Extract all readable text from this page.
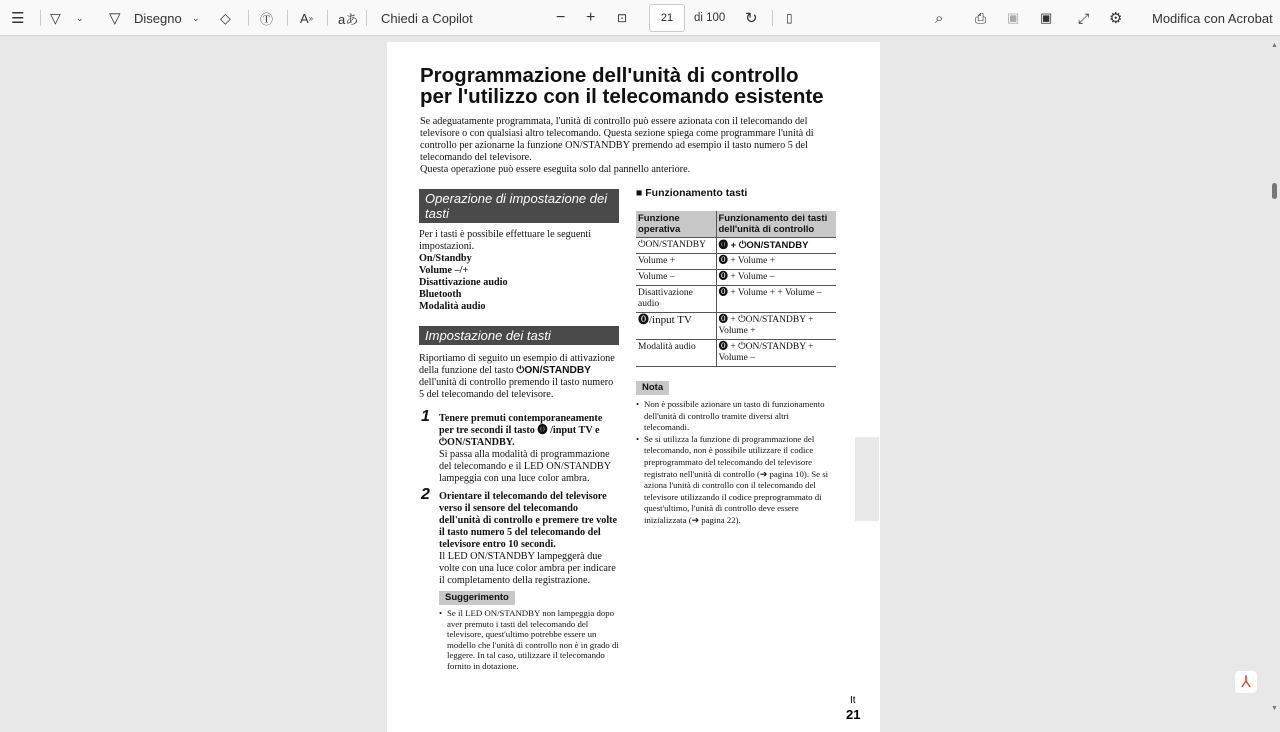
☰ ▽ ⌄ ▽ Disegno ⌄ ◇ Ⓣ A » aあ Chiedi a Copilot	− + ⊡	21	di 100 ↻ ▯	⌕ ⎙ ▣ ▣ ⤢ ⚙ Modifica con Acrobat
Programmazione dell'unità di controllo
per l'utilizzo con il telecomando esistente

Se adeguatamente programmata, l'unità di controllo può essere azionata con il telecomando del televisore o con qualsiasi altro telecomando. Questa sezione spiega come programmare l'unità di controllo per azionarne la funzione ON/STANDBY premendo ad esempio il tasto numero 5 del telecomando del televisore.

Questa operazione può essere eseguita solo dal pannello anteriore.

Operazione di impostazione dei tasti

Per i tasti è possibile effettuare le seguenti impostazioni.

On/Standby
Volume –/+
Disattivazione audio
Bluetooth
Modalità audio
Impostazione dei tasti

Riportiamo di seguito un esempio di attivazione della funzione del tasto ⏻ON/STANDBY dell'unità di controllo premendo il tasto numero 5 del telecomando del televisore.

1 Tenere premuti contemporaneamente per tre secondi il tasto ⓿ /input TV e ⏻ON/STANDBY.

Si passa alla modalità di programmazione del telecomando e il LED ON/STANDBY lampeggia con una luce color ambra.

2 Orientare il telecomando del televisore verso il sensore del telecomando dell'unità di controllo e premere tre volte il tasto numero 5 del telecomando del televisore entro 10 secondi.

Il LED ON/STANDBY lampeggerà due volte con una luce color ambra per indicare il completamento della registrazione.

Suggerimento
• Se il LED ON/STANDBY non lampeggia dopo aver premuto i tasti del telecomando del televisore, quest'ultimo potrebbe essere un modello che l'unità di controllo non è in grado di leggere. In tal caso, utilizzare il telecomando fornito in dotazione.
■ Funzionamento tasti
Funzione operativa	Funzionamento dei tasti dell'unità di controllo
⏻ON/STANDBY	⓿ + ⏻ON/STANDBY
Volume +	⓿ + Volume +
Volume –	⓿ + Volume –
Disattivazione audio	⓿ + Volume + + Volume –
⓿/input TV	⓿ + ⏻ON/STANDBY + Volume +
Modalità audio	⓿ + ⏻ON/STANDBY + Volume –
Nota
• Non è possibile azionare un tasto di funzionamento dell'unità di controllo tramite diversi altri telecomandi.
• Se si utilizza la funzione di programmazione del telecomando, non è possibile utilizzare il codice preprogrammato del telecomando del televisore registrato nell'unità di controllo (➔ pagina 10). Se si aziona l'unità di controllo con il telecomando del televisore utilizzando il codice preprogrammato di quest'ultimo, l'unità di controllo deve essere inizializzata (➔ pagina 22).
It
21
▲
▼
⅄
